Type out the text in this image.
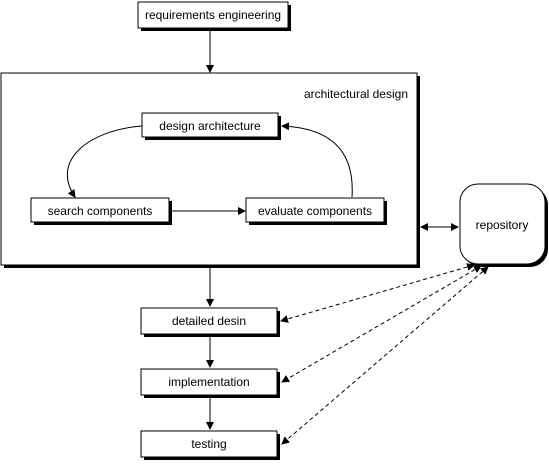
requirements engineering
architectural design
design architecture
search components	evaluate components
repository
detailed desin
implementation
testing
